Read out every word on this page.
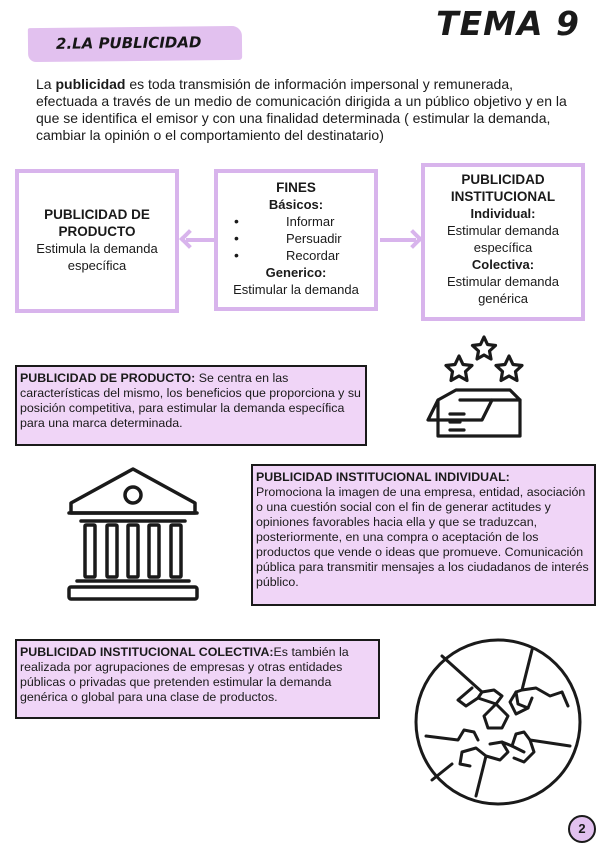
TEMA 9
2.LA PUBLICIDAD

La publicidad es toda transmisión de información impersonal y remunerada, efectuada a través de un medio de comunicación dirigida a un público objetivo y en la que se identifica el emisor y con una finalidad determinada ( estimular la demanda, cambiar la opinión o el comportamiento del destinatario)

PUBLICIDAD DE PRODUCTO
Estimula la demanda específica
FINES
Básicos:
• Informar
• Persuadir
• Recordar
Generico:
Estimular la demanda
PUBLICIDAD INSTITUCIONAL
Individual:
Estimular demanda específica
Colectiva:
Estimular demanda genérica
PUBLICIDAD DE PRODUCTO: Se centra en las características del mismo, los beneficios que proporciona y su posición competitiva, para estimular la demanda específica para una marca determinada.
PUBLICIDAD INSTITUCIONAL INDIVIDUAL:
Promociona la imagen de una empresa, entidad, asociación o una cuestión social con el fin de generar actitudes y opiniones favorables hacia ella y que se traduzcan, posteriormente, en una compra o aceptación de los productos que vende o ideas que promueve. Comunicación pública para transmitir mensajes a los ciudadanos de interés público.
PUBLICIDAD INSTITUCIONAL COLECTIVA:Es también la realizada por agrupaciones de empresas y otras entidades públicas o privadas que pretenden estimular la demanda genérica o global para una clase de productos.
2
